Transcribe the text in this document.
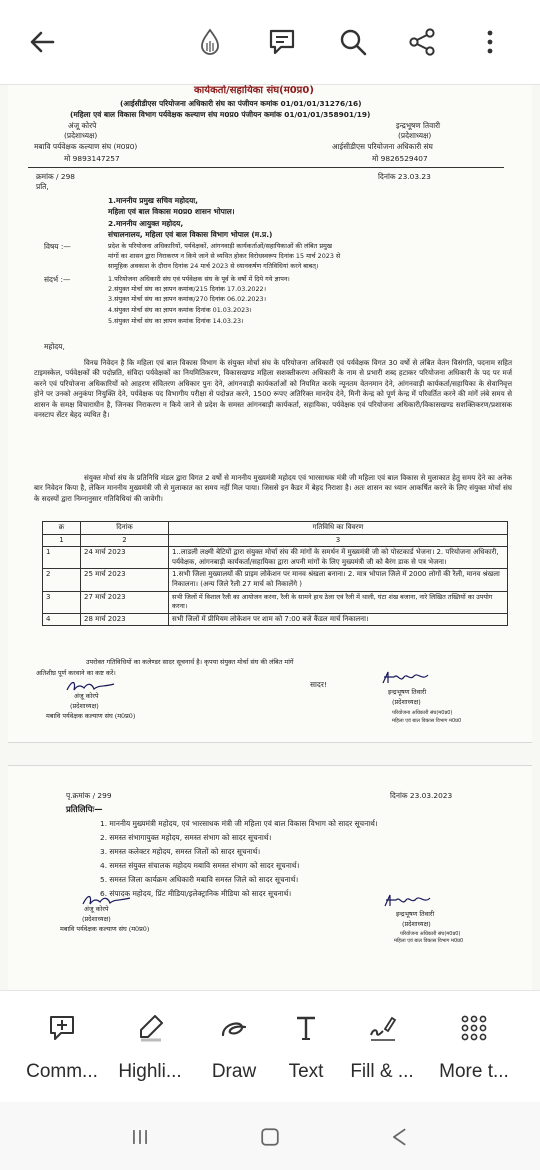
कार्यकर्ता/सहायिका संघ(म0प्र0)
(आईसीडीएस परियोजना अधिकारी संघ का पंजीयन कमांक 01/01/01/31276/16)
(महिला एवं बाल विकास विभाग पर्यवेक्षक कल्याण संघ म0प्र0 पंजीयन कमांक 01/01/01/358901/19)
अंजू कोरपे
(प्रदेशाध्यक्ष)
मबावि पर्यवेक्षक कल्याण संघ (म0प्र0)
मो 9893147257
इन्द्रभूषण तिवारी
(प्रदेशाध्यक्ष)
आईसीडीएस परियोजना अधिकारी संघ
मो 9826529407
क्रमांक / 298	दिनांक 23.03.23
प्रति,
1.माननीय प्रमुख सचिव महोदया,
महिला एवं बाल विकास म0प्र0 शासन भोपाल।
2.माननीय आयुक्त महोदय,
संचालनालय, महिला एवं बाल विकास विभाग भोपाल (म.प्र.)
विषय :—	प्रदेश के परियोजना अधिकारियों, पर्यवेक्षकों, आंगनवाड़ी कार्यकर्ताओं/सहायिकाओं की लंबित प्रमुख
मांगों का शासन द्वारा निराकरण न किये जाने से व्यथित होकर विरोधस्वरूप दिनांक 15 मार्च 2023 से
सामूहिक अवकाश के दौरान दिनांक 24 मार्च 2023 से ध्यानकर्षण गतिविधियां करने बाबत्।
संदर्भ :—	1.परियोजना अधिकारी संघ एवं पर्यवेक्षक संघ के पूर्व के वर्षो में दिये गये ज्ञापन।
2.संयुक्त मोर्चा संघ का ज्ञापन कमांक/215 दिनांक 17.03.2022।
3.संयुक्त मोर्चा संघ का ज्ञापन कमांक/270 दिनांक 06.02.2023।
4.संयुक्त मोर्चा संघ का ज्ञापन कमांक दिनांक 01.03.2023।
5.संयुक्त मोर्चा संघ का ज्ञापन कमांक दिनांक 14.03.23।
महोदय,
विनम्र निवेदन है कि महिला एवं बाल विकास विभाग के संयुक्त मोर्चा संघ के परियोजना अधिकारी एवं पर्यवेक्षक विगत 30 वर्षो से लंबित वेतन विसंगति, पदनाम सहित टाइमस्केल, पर्यवेक्षकों की पदोन्नति, संविदा पर्यवेक्षकों का नियमितिकरण, विकासखण्ड महिला सशक्तीकरण अधिकारी के नाम से प्रभारी शब्द हटाकर परियोजना अधिकारी के पद पर मर्ज करने एवं परियोजना अधिकारियों को आहरण संवितरण अधिकार पुनः देने, आंगनवाड़ी कार्यकर्ताओं को नियमित करके न्यूनतम वेतनमान देने, आंगनवाड़ी कार्यकर्ता/सहायिका के सेवानिवृत्त होने पर उनको अनुकंपा नियुक्ति देने, पर्यवेक्षक पद विभागीय परीक्षा से पदोन्नत करने, 1500 रूपए अतिरिक्त मानदेय देने, मिनी केन्द्र को पूर्ण केन्द्र में परिवर्तित करने की मांगें लंबे समय से शासन के समक्ष विचाराधीन है, जिनका निराकरण न किये जाने से प्रदेश के समस्त आंगनबाड़ी कार्यकर्ता, सहायिका, पर्यवेक्षक एवं परियोजना अधिकारी/विकासखण्ड सशक्तिकरण/प्रशासक वनस्टाप सेंटर बेहद व्यथित है।
संयुक्त मोर्चा संघ के प्रतिनिधि मंडल द्वारा विगत 2 वर्षो से माननीय मुख्यमंत्री महोदय एवं भारसाधक मंत्री जी महिला एवं बाल विकास से मुलाकात हेतु समय देने का अनेक बार निवेदन किया है, लेकिन माननीय मुख्यमंत्री जी से मुलाकात का समय नहीं मिल पाया। जिससे इन कैडर में बेहद निराशा है। अतः शासन का ध्यान आकर्षित करने के लिए संयुक्त मोर्चा संघ के सदस्यों द्वारा निम्नानुसार गतिविधियां की जावेगी।
क्र	दिनांक	गतिविधि का विवरण
1	2	3
1	24 मार्च 2023	1..लाडली लक्ष्मी बेटियों द्वारा संयुक्त मोर्चा संघ की मांगों के समर्थन में मुख्यमंत्री जी को पोस्टकार्ड भेजना। 2. परियोजना अधिकारी, पर्यवेक्षक, आंगनबाड़ी कार्यकर्ता/सहायिका द्वारा अपनी मांगों के लिए मुख्यमंत्री जी को बैरंग डाक से पत्र भेजना।
2	25 मार्च 2023	1.सभी जिला मुख्यालयों की प्राइम लोकेशन पर मानव श्रंखला बनाना। 2. मात्र भोपाल जिले में 2000 लोगों की रैली, मानव श्रंखला निकालना। (अन्य जिले रैली 27 मार्च को निकालेंगे )
3	27 मार्च 2023	सभी जिलों में विशाल रैली का आयोजन करना, रैली के सामने हाथ ठेला एवं रैली में थाली, घंटा शंख बजाना, नारे लिखित तख्तियों का उपयोग करना।
4	28 मार्च 2023	सभी जिलों में प्रीमियम लोकेशन पर शाम को 7:00 बजे कैंडल मार्च निकालना।
उपरोक्त गतिविधियों का कलेण्डर सादर सूचनार्थ है। कृपया संयुक्त मोर्चा संघ की लंबित मांगें
अतिशीघ्र पूर्ण करवाने का कष्ट करें।
अंजू कोरपे
(प्रदेशाध्यक्ष)
मबावि पर्यवेक्षक कल्याण संघ (म0प्र0)
सादर!
इन्द्रभूषण तिवारी
(प्रदेशाध्यक्ष)
परियोजना अधिकारी संघ(म0प्र0)
महिला एवं बाल विकास विभाग म0प्र0
पृ.क्रमांक / 299	दिनांक 23.03.2023
प्रतिलिपिः—
1. माननीय मुख्यमंत्री महोदय, एवं भारसाधक मंत्री जी महिला एवं बाल विकास विभाग को सादर सूचनार्थ।
2. समस्त संभागायुक्त महोदय, समस्त संभाग को सादर सूचनार्थ।
3. समस्त कलेक्टर महोदय, समस्त जिलों को सादर सूचनार्थ।
4. समस्त संयुक्त संचालक महोदय मबावि समस्त संभाग को सादर सूचनार्थ।
5. समस्त जिला कार्यक्रम अधिकारी मबावि समस्त जिले को सादर सूचनार्थ।
6. संपादक महोदय, प्रिंट मीडिया/इलेक्ट्रानिक मीडिया को सादर सूचनार्थ।
अंजू कोरपे
(प्रदेशाध्यक्ष)
मबावि पर्यवेक्षक कल्याण संघ (म0प्र0)
इन्द्रभूषण तिवारी
(प्रदेशाध्यक्ष)
परियोजना अधिकारी संघ(म0प्र0)
महिला एवं बाल विकास विभाग म0प्र0
Comm...	Highli...	Draw	Text	Fill & ...	More t...
